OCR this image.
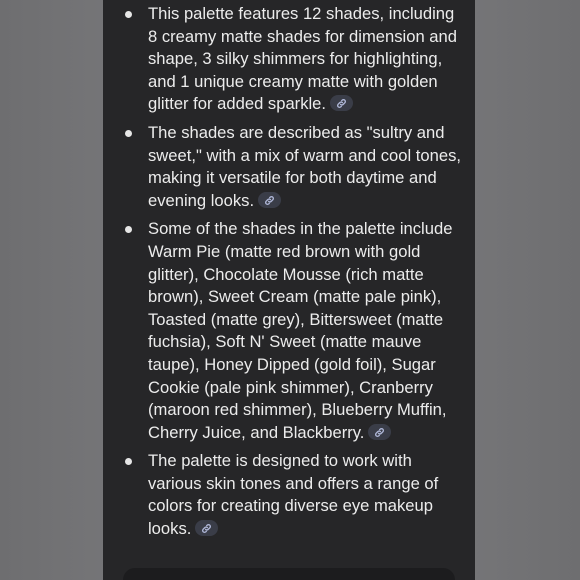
This palette features 12 shades, including 8 creamy matte shades for dimension and shape, 3 silky shimmers for highlighting, and 1 unique creamy matte with golden glitter for added sparkle.
The shades are described as "sultry and sweet," with a mix of warm and cool tones, making it versatile for both daytime and evening looks.
Some of the shades in the palette include Warm Pie (matte red brown with gold glitter), Chocolate Mousse (rich matte brown), Sweet Cream (matte pale pink), Toasted (matte grey), Bittersweet (matte fuchsia), Soft N' Sweet (matte mauve taupe), Honey Dipped (gold foil), Sugar Cookie (pale pink shimmer), Cranberry (maroon red shimmer), Blueberry Muffin, Cherry Juice, and Blackberry.
The palette is designed to work with various skin tones and offers a range of colors for creating diverse eye makeup looks.
